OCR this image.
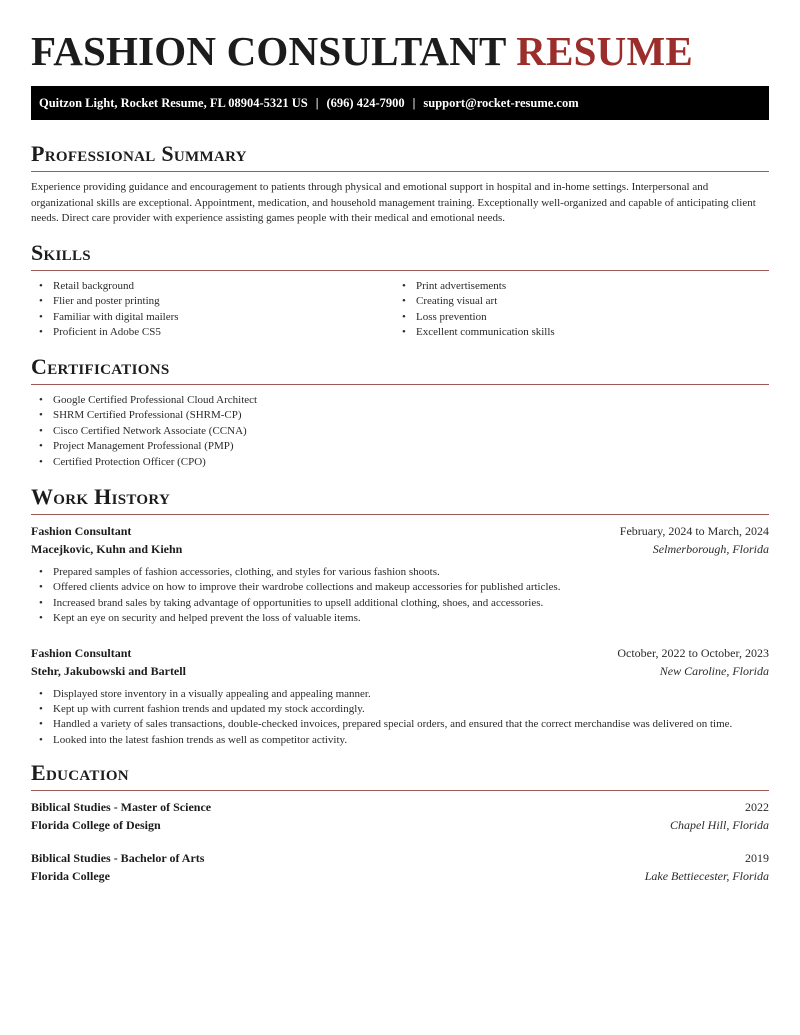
FASHION CONSULTANT RESUME
Quitzon Light, Rocket Resume, FL 08904-5321 US | (696) 424-7900 | support@rocket-resume.com
Professional Summary

Experience providing guidance and encouragement to patients through physical and emotional support in hospital and in-home settings. Interpersonal and organizational skills are exceptional. Appointment, medication, and household management training. Exceptionally well-organized and capable of anticipating client needs. Direct care provider with experience assisting games people with their medical and emotional needs.

Skills
• Retail background
• Flier and poster printing
• Familiar with digital mailers
• Proficient in Adobe CS5
• Print advertisements
• Creating visual art
• Loss prevention
• Excellent communication skills
Certifications
• Google Certified Professional Cloud Architect
• SHRM Certified Professional (SHRM-CP)
• Cisco Certified Network Associate (CCNA)
• Project Management Professional (PMP)
• Certified Protection Officer (CPO)
Work History
Fashion Consultant	February, 2024 to March, 2024
Macejkovic, Kuhn and Kiehn	Selmerborough, Florida
• Prepared samples of fashion accessories, clothing, and styles for various fashion shoots.
• Offered clients advice on how to improve their wardrobe collections and makeup accessories for published articles.
• Increased brand sales by taking advantage of opportunities to upsell additional clothing, shoes, and accessories.
• Kept an eye on security and helped prevent the loss of valuable items.
Fashion Consultant	October, 2022 to October, 2023
Stehr, Jakubowski and Bartell	New Caroline, Florida
• Displayed store inventory in a visually appealing and appealing manner.
• Kept up with current fashion trends and updated my stock accordingly.
• Handled a variety of sales transactions, double-checked invoices, prepared special orders, and ensured that the correct merchandise was delivered on time.
• Looked into the latest fashion trends as well as competitor activity.
Education
Biblical Studies - Master of Science	2022
Florida College of Design	Chapel Hill, Florida
Biblical Studies - Bachelor of Arts	2019
Florida College	Lake Bettiecester, Florida
